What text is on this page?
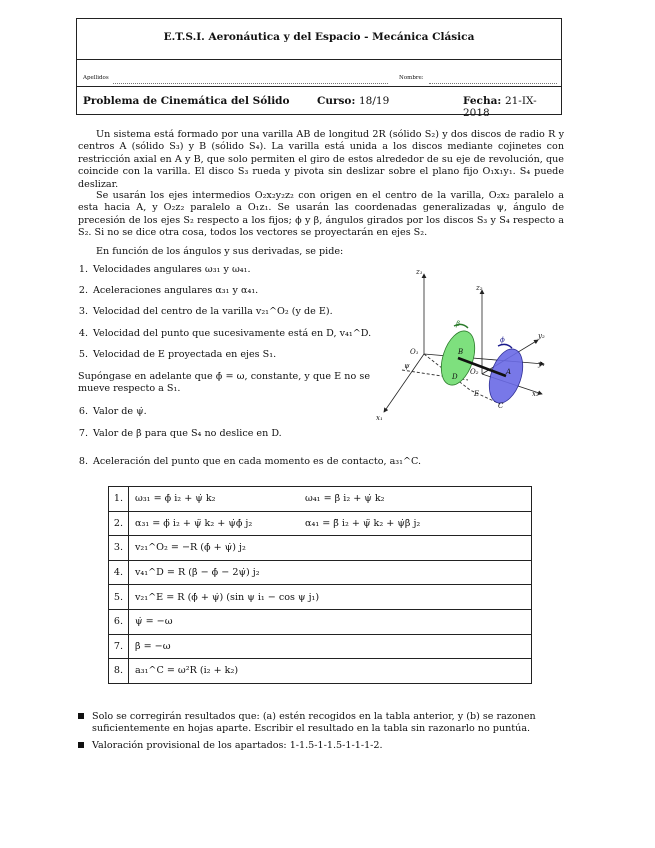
E.T.S.I. Aeronáutica y del Espacio - Mecánica Clásica
Apellidos	Nombre:
Problema de Cinemática del Sólido	Curso: 18/19	Fecha: 21-IX-2018
Un sistema está formado por una varilla AB de longitud 2R (sólido S₂) y dos discos de radio R y centros A (sólido S₃) y B (sólido S₄). La varilla está unida a los discos mediante cojinetes con restricción axial en A y B, que solo permiten el giro de estos alrededor de su eje de revolución, que coincide con la varilla. El disco S₃ rueda y pivota sin deslizar sobre el plano fijo O₁x₁y₁. S₄ puede deslizar.
Se usarán los ejes intermedios O₂x₂y₂z₂ con origen en el centro de la varilla, O₂x₂ paralelo a esta hacia A, y O₂z₂ paralelo a O₁z₁. Se usarán las coordenadas generalizadas ψ, ángulo de precesión de los ejes S₂ respecto a los fijos; ϕ y β, ángulos girados por los discos S₃ y S₄ respecto a S₂. Si no se dice otra cosa, todos los vectores se proyectarán en ejes S₂.
En función de los ángulos y sus derivadas, se pide:
1. Velocidades angulares ω₃₁ y ω₄₁.
2. Aceleraciones angulares α₃₁ y α₄₁.
3. Velocidad del centro de la varilla v₂₁^O₂ (y de E).
4. Velocidad del punto que sucesivamente está en D, v₄₁^D.
5. Velocidad de E proyectada en ejes S₁.
Supóngase en adelante que ϕ̇ = ω, constante, y que E no se mueve respecto a S₁.
6. Valor de ψ̇.
7. Valor de β̇ para que S₄ no deslice en D.
8. Aceleración del punto que en cada momento es de contacto, a₃₁^C.
z₁
z₂
y₂
y₁
x₁
x₂
O₁
O₂	A
B
C
D
E
ψ
β
ϕ
1.	ω₃₁ = ϕ̇ i₂ + ψ̇ k₂ ω₄₁ = β̇ i₂ + ψ̇ k₂
2.	α₃₁ = ϕ̈ i₂ + ψ̈ k₂ + ψ̇ϕ̇ j₂ α₄₁ = β̈ i₂ + ψ̈ k₂ + ψ̇β̇ j₂
3.	v₂₁^O₂ = −R (ϕ̇ + ψ̇) j₂
4.	v₄₁^D = R (β̇ − ϕ̇ − 2ψ̇) j₂
5.	v₂₁^E = R (ϕ̇ + ψ̇) (sin ψ i₁ − cos ψ j₁)
6.	ψ̇ = −ω
7.	β̇ = −ω
8.	a₃₁^C = ω²R (i₂ + k₂)
Solo se corregirán resultados que: (a) estén recogidos en la tabla anterior, y (b) se razonen suficientemente en hojas aparte. Escribir el resultado en la tabla sin razonarlo no puntúa.
Valoración provisional de los apartados: 1-1.5-1-1.5-1-1-1-2.
